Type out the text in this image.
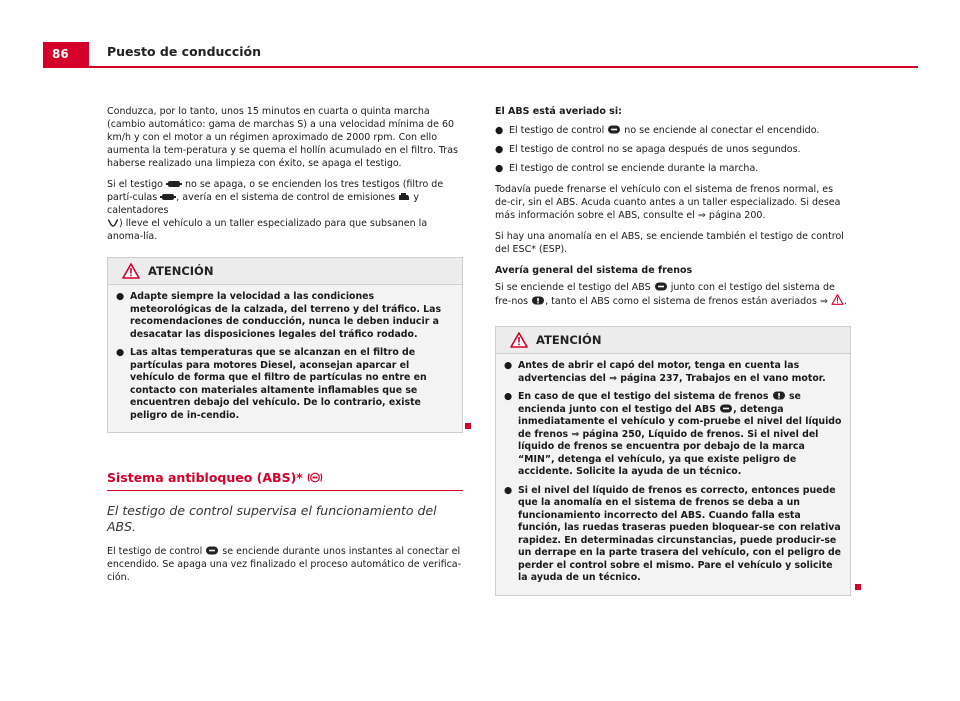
86	Puesto de conducción

Conduzca, por lo tanto, unos 15 minutos en cuarta o quinta marcha (cambio automático: gama de marchas S) a una velocidad mínima de 60 km/h y con el motor a un régimen aproximado de 2000 rpm. Con ello aumenta la tem-peratura y se quema el hollín acumulado en el filtro. Tras haberse realizado una limpieza con éxito, se apaga el testigo.

Si el testigo no se apaga, o se encienden los tres testigos (filtro de partí-culas , avería en el sistema de control de emisiones y calentadores
) lleve el vehículo a un taller especializado para que subsanen la anoma-lía.

ATENCIÓN
● Adapte siempre la velocidad a las condiciones meteorológicas de la calzada, del terreno y del tráfico. Las recomendaciones de conducción, nunca le deben inducir a desacatar las disposiciones legales del tráfico rodado.
● Las altas temperaturas que se alcanzan en el filtro de partículas para motores Diesel, aconsejan aparcar el vehículo de forma que el filtro de partículas no entre en contacto con materiales altamente inflamables que se encuentren debajo del vehículo. De lo contrario, existe peligro de in-cendio.
Sistema antibloqueo (ABS)*
El testigo de control supervisa el funcionamiento del ABS.

El testigo de control se enciende durante unos instantes al conectar el encendido. Se apaga una vez finalizado el proceso automático de verifica-ción.

El ABS está averiado si:

● El testigo de control no se enciende al conectar el encendido.
● El testigo de control no se apaga después de unos segundos.
● El testigo de control se enciende durante la marcha.

Todavía puede frenarse el vehículo con el sistema de frenos normal, es de-cir, sin el ABS. Acuda cuanto antes a un taller especializado. Si desea más información sobre el ABS, consulte el ⇒ página 200.

Si hay una anomalía en el ABS, se enciende también el testigo de control del ESC* (ESP).

Avería general del sistema de frenos

Si se enciende el testigo del ABS junto con el testigo del sistema de fre-nos , tanto el ABS como el sistema de frenos están averiados ⇒ .

ATENCIÓN
● Antes de abrir el capó del motor, tenga en cuenta las advertencias del ⇒ página 237, Trabajos en el vano motor.
● En caso de que el testigo del sistema de frenos se encienda junto con el testigo del ABS , detenga inmediatamente el vehículo y com-pruebe el nivel del líquido de frenos ⇒ página 250, Líquido de frenos. Si el nivel del líquido de frenos se encuentra por debajo de la marca “MIN”, detenga el vehículo, ya que existe peligro de accidente. Solicite la ayuda de un técnico.
● Si el nivel del líquido de frenos es correcto, entonces puede que la anomalía en el sistema de frenos se deba a un funcionamiento incorrecto del ABS. Cuando falla esta función, las ruedas traseras pueden bloquear-se con relativa rapidez. En determinadas circunstancias, puede producir-se un derrape en la parte trasera del vehículo, con el peligro de perder el control sobre el mismo. Pare el vehículo y solicite la ayuda de un técnico.
